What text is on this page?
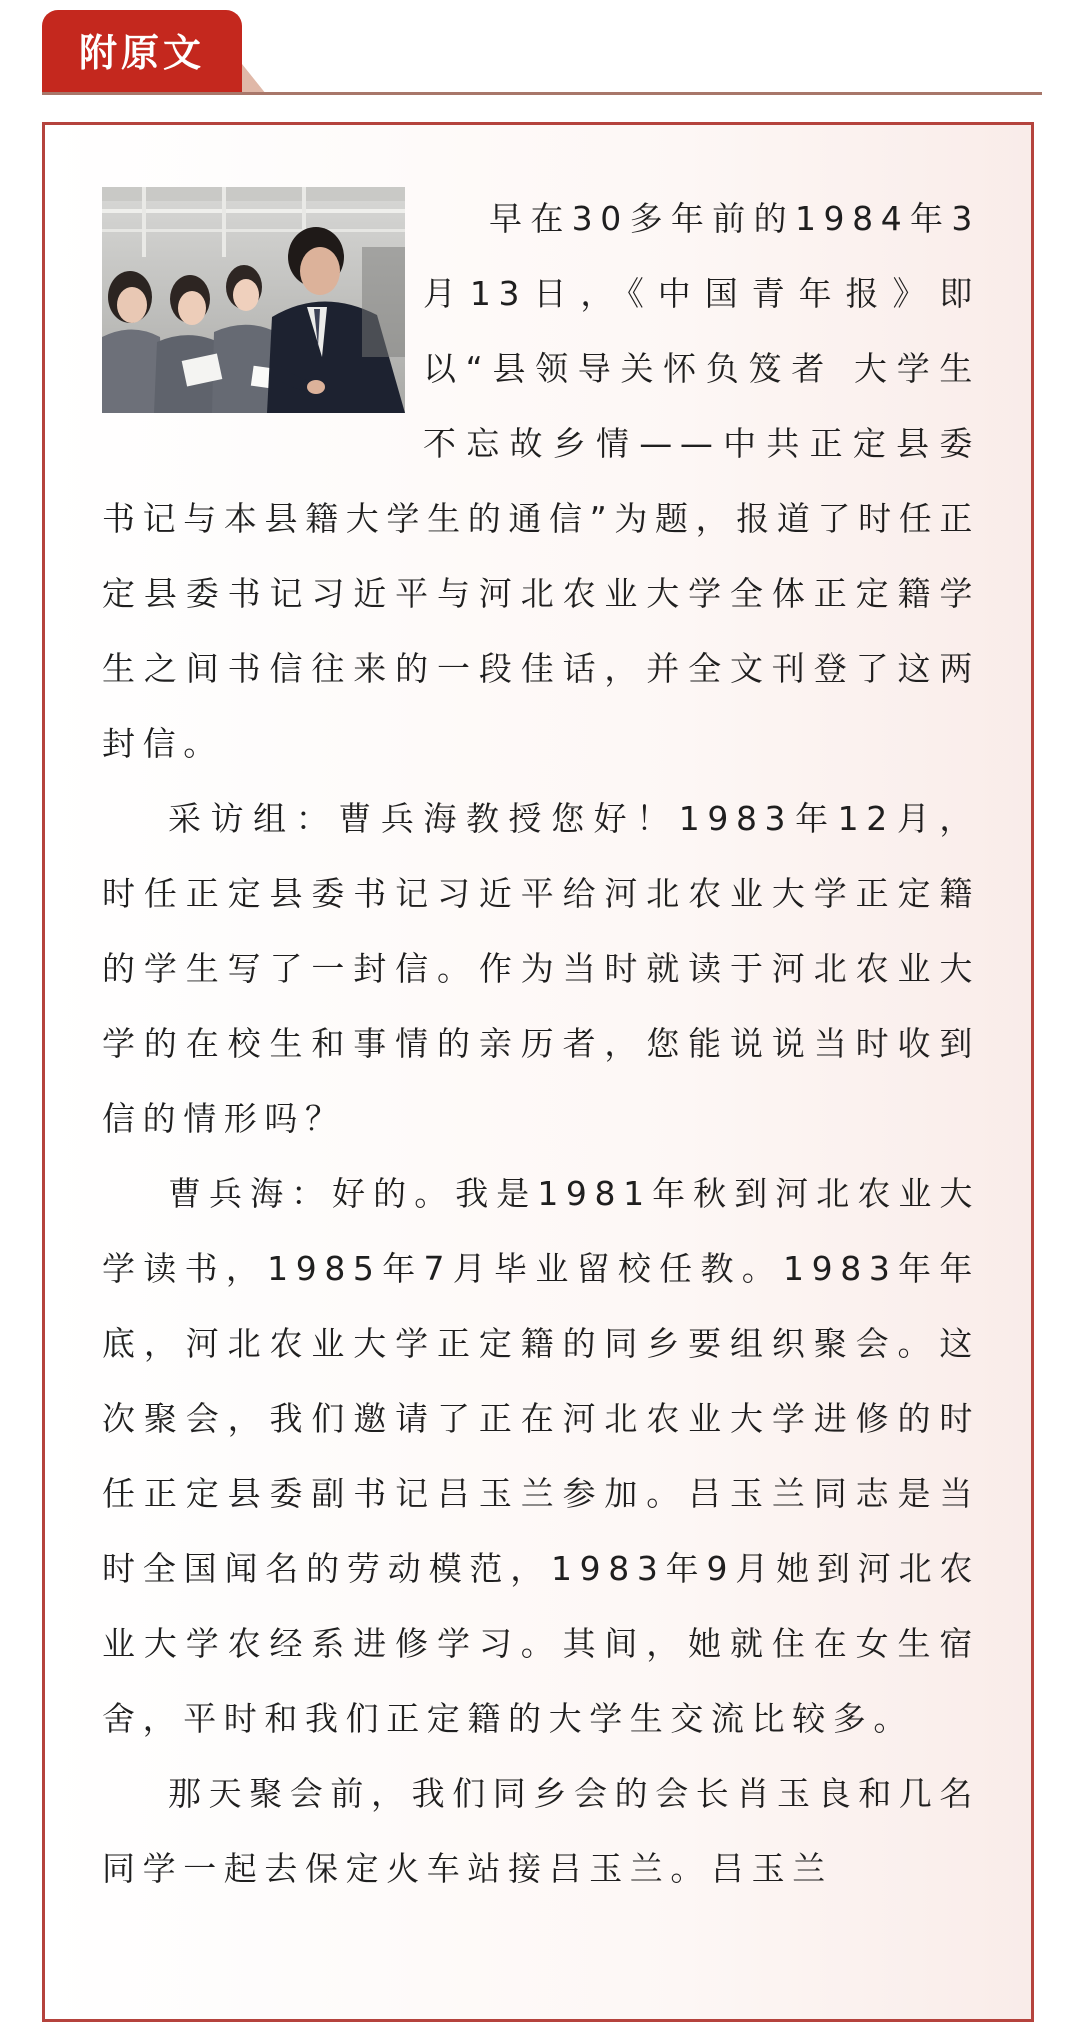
附原文

早在30多年前的1984年3月13日，《中国青年报》即以“县领导关怀负笈者 大学生不忘故乡情——中共正定县委书记与本县籍大学生的通信”为题，报道了时任正定县委书记习近平与河北农业大学全体正定籍学生之间书信往来的一段佳话，并全文刊登了这两封信。

采访组：曹兵海教授您好！1983年12月，时任正定县委书记习近平给河北农业大学正定籍的学生写了一封信。作为当时就读于河北农业大学的在校生和事情的亲历者，您能说说当时收到信的情形吗？

曹兵海：好的。我是1981年秋到河北农业大学读书，1985年7月毕业留校任教。1983年年底，河北农业大学正定籍的同乡要组织聚会。这次聚会，我们邀请了正在河北农业大学进修的时任正定县委副书记吕玉兰参加。吕玉兰同志是当时全国闻名的劳动模范，1983年9月她到河北农业大学农经系进修学习。其间，她就住在女生宿舍，平时和我们正定籍的大学生交流比较多。

那天聚会前，我们同乡会的会长肖玉良和几名同学一起去保定火车站接吕玉兰。吕玉兰
